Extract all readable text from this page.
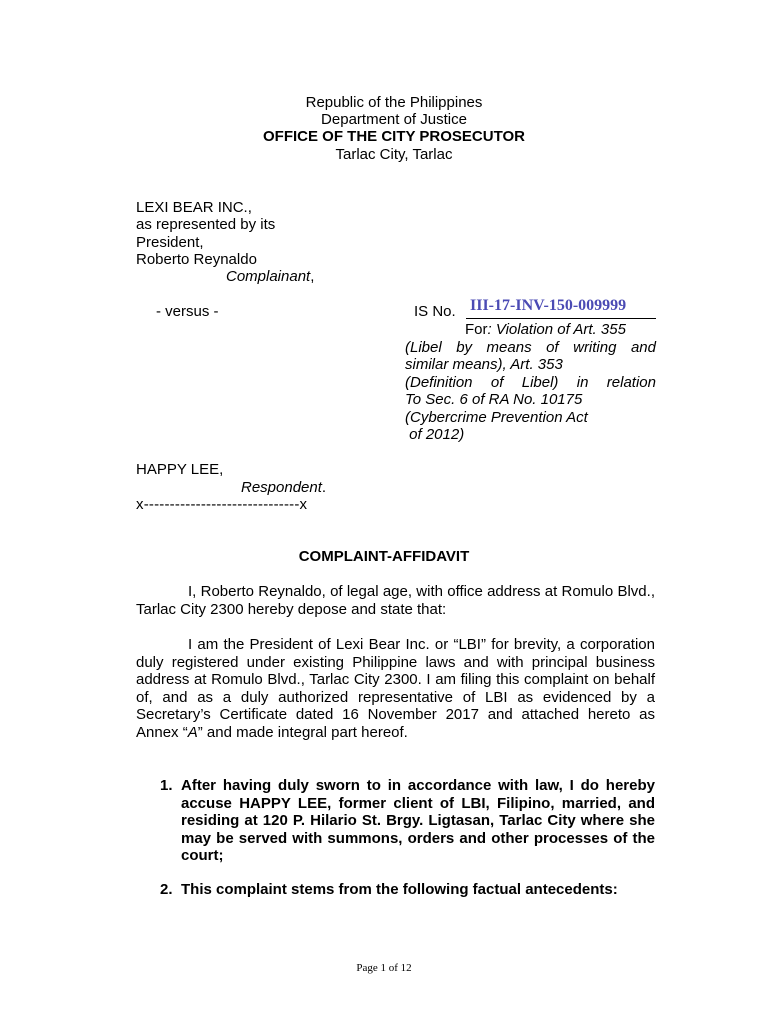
Republic of the Philippines
Department of Justice
OFFICE OF THE CITY PROSECUTOR
Tarlac City, Tarlac
LEXI BEAR INC.,
as represented by its
President,
Roberto Reynaldo
Complainant,
- versus -	IS No. III-17-INV-150-009999
For: Violation of Art. 355
(Libel by means of writing and
similar means), Art. 353
(Definition of Libel) in relation
To Sec. 6 of RA No. 10175
(Cybercrime Prevention Act
of 2012)
HAPPY LEE,
Respondent.
x------------------------------x
COMPLAINT-AFFIDAVIT
I, Roberto Reynaldo, of legal age, with office address at Romulo Blvd., Tarlac City 2300 hereby depose and state that:
I am the President of Lexi Bear Inc. or “LBI” for brevity, a corporation duly registered under existing Philippine laws and with principal business address at Romulo Blvd., Tarlac City 2300. I am filing this complaint on behalf of, and as a duly authorized representative of LBI as evidenced by a Secretary’s Certificate dated 16 November 2017 and attached hereto as Annex “A” and made integral part hereof.
1. After having duly sworn to in accordance with law, I do hereby accuse HAPPY LEE, former client of LBI, Filipino, married, and residing at 120 P. Hilario St. Brgy. Ligtasan, Tarlac City where she may be served with summons, orders and other processes of the court;
2. This complaint stems from the following factual antecedents:
Page 1 of 12
